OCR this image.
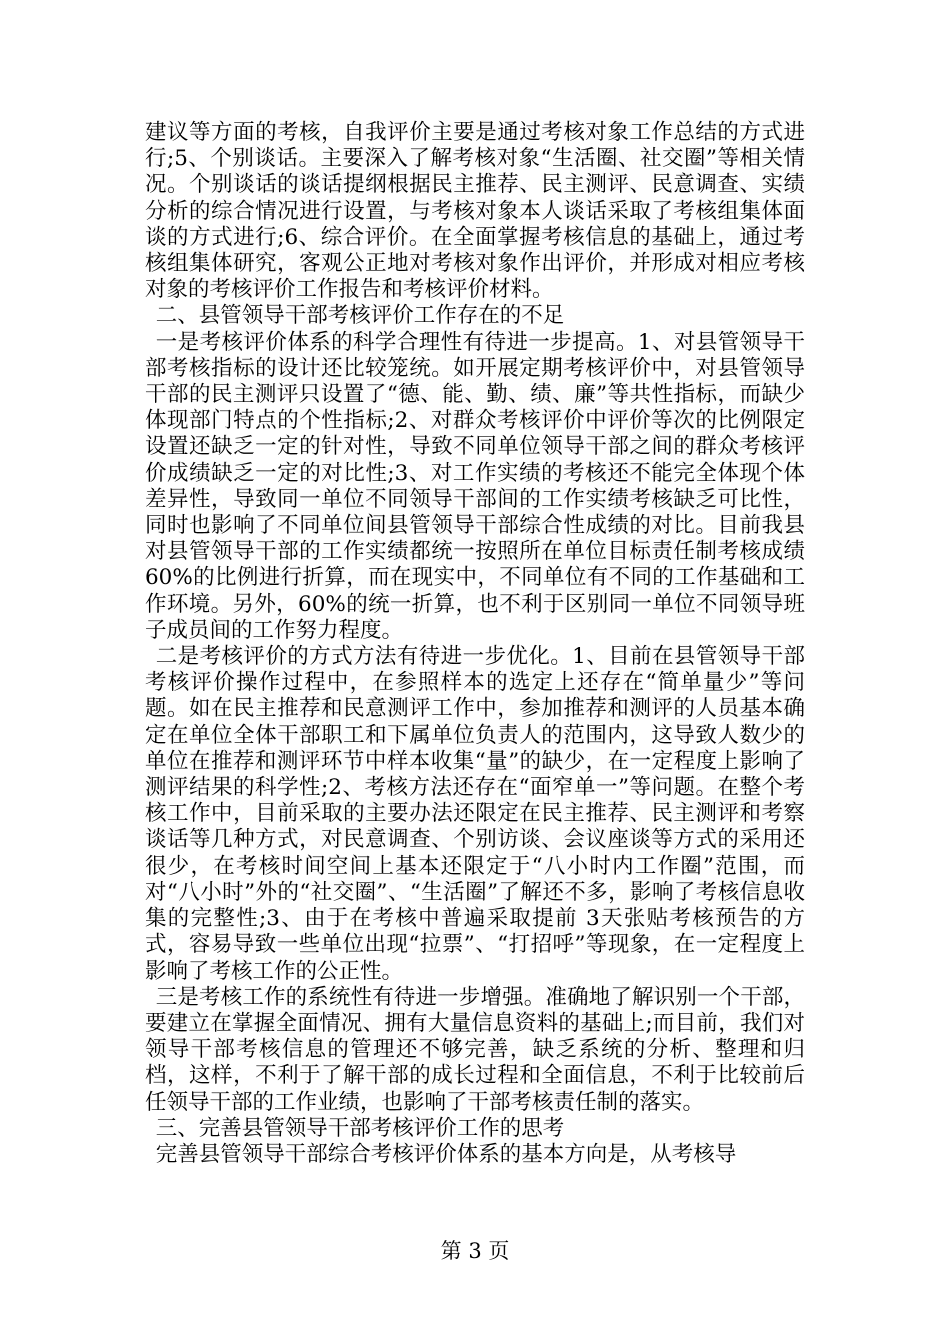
建议等方面的考核，自我评价主要是通过考核对象工作总结的方式进行;5、个别谈话。主要深入了解考核对象“生活圈、社交圈”等相关情况。个别谈话的谈话提纲根据民主推荐、民主测评、民意调查、实绩分析的综合情况进行设置，与考核对象本人谈话采取了考核组集体面谈的方式进行;6、综合评价。在全面掌握考核信息的基础上，通过考核组集体研究，客观公正地对考核对象作出评价，并形成对相应考核对象的考核评价工作报告和考核评价材料。

二、县管领导干部考核评价工作存在的不足

一是考核评价体系的科学合理性有待进一步提高。1、对县管领导干部考核指标的设计还比较笼统。如开展定期考核评价中，对县管领导干部的民主测评只设置了“德、能、勤、绩、廉”等共性指标，而缺少体现部门特点的个性指标;2、对群众考核评价中评价等次的比例限定设置还缺乏一定的针对性，导致不同单位领导干部之间的群众考核评价成绩缺乏一定的对比性;3、对工作实绩的考核还不能完全体现个体差异性，导致同一单位不同领导干部间的工作实绩考核缺乏可比性，同时也影响了不同单位间县管领导干部综合性成绩的对比。目前我县对县管领导干部的工作实绩都统一按照所在单位目标责任制考核成绩 60%的比例进行折算，而在现实中，不同单位有不同的工作基础和工作环境。另外，60%的统一折算，也不利于区别同一单位不同领导班子成员间的工作努力程度。

二是考核评价的方式方法有待进一步优化。1、目前在县管领导干部考核评价操作过程中，在参照样本的选定上还存在“简单量少”等问题。如在民主推荐和民意测评工作中，参加推荐和测评的人员基本确定在单位全体干部职工和下属单位负责人的范围内，这导致人数少的单位在推荐和测评环节中样本收集“量”的缺少，在一定程度上影响了测评结果的科学性;2、考核方法还存在“面窄单一”等问题。在整个考核工作中，目前采取的主要办法还限定在民主推荐、民主测评和考察谈话等几种方式，对民意调查、个别访谈、会议座谈等方式的采用还很少，在考核时间空间上基本还限定于“八小时内工作圈”范围，而对“八小时”外的“社交圈”、“生活圈”了解还不多，影响了考核信息收集的完整性;3、由于在考核中普遍采取提前 3天张贴考核预告的方式，容易导致一些单位出现“拉票”、“打招呼”等现象，在一定程度上影响了考核工作的公正性。

三是考核工作的系统性有待进一步增强。准确地了解识别一个干部，要建立在掌握全面情况、拥有大量信息资料的基础上;而目前，我们对领导干部考核信息的管理还不够完善，缺乏系统的分析、整理和归档，这样，不利于了解干部的成长过程和全面信息，不利于比较前后任领导干部的工作业绩，也影响了干部考核责任制的落实。

三、完善县管领导干部考核评价工作的思考

完善县管领导干部综合考核评价体系的基本方向是，从考核导

第 3 页
